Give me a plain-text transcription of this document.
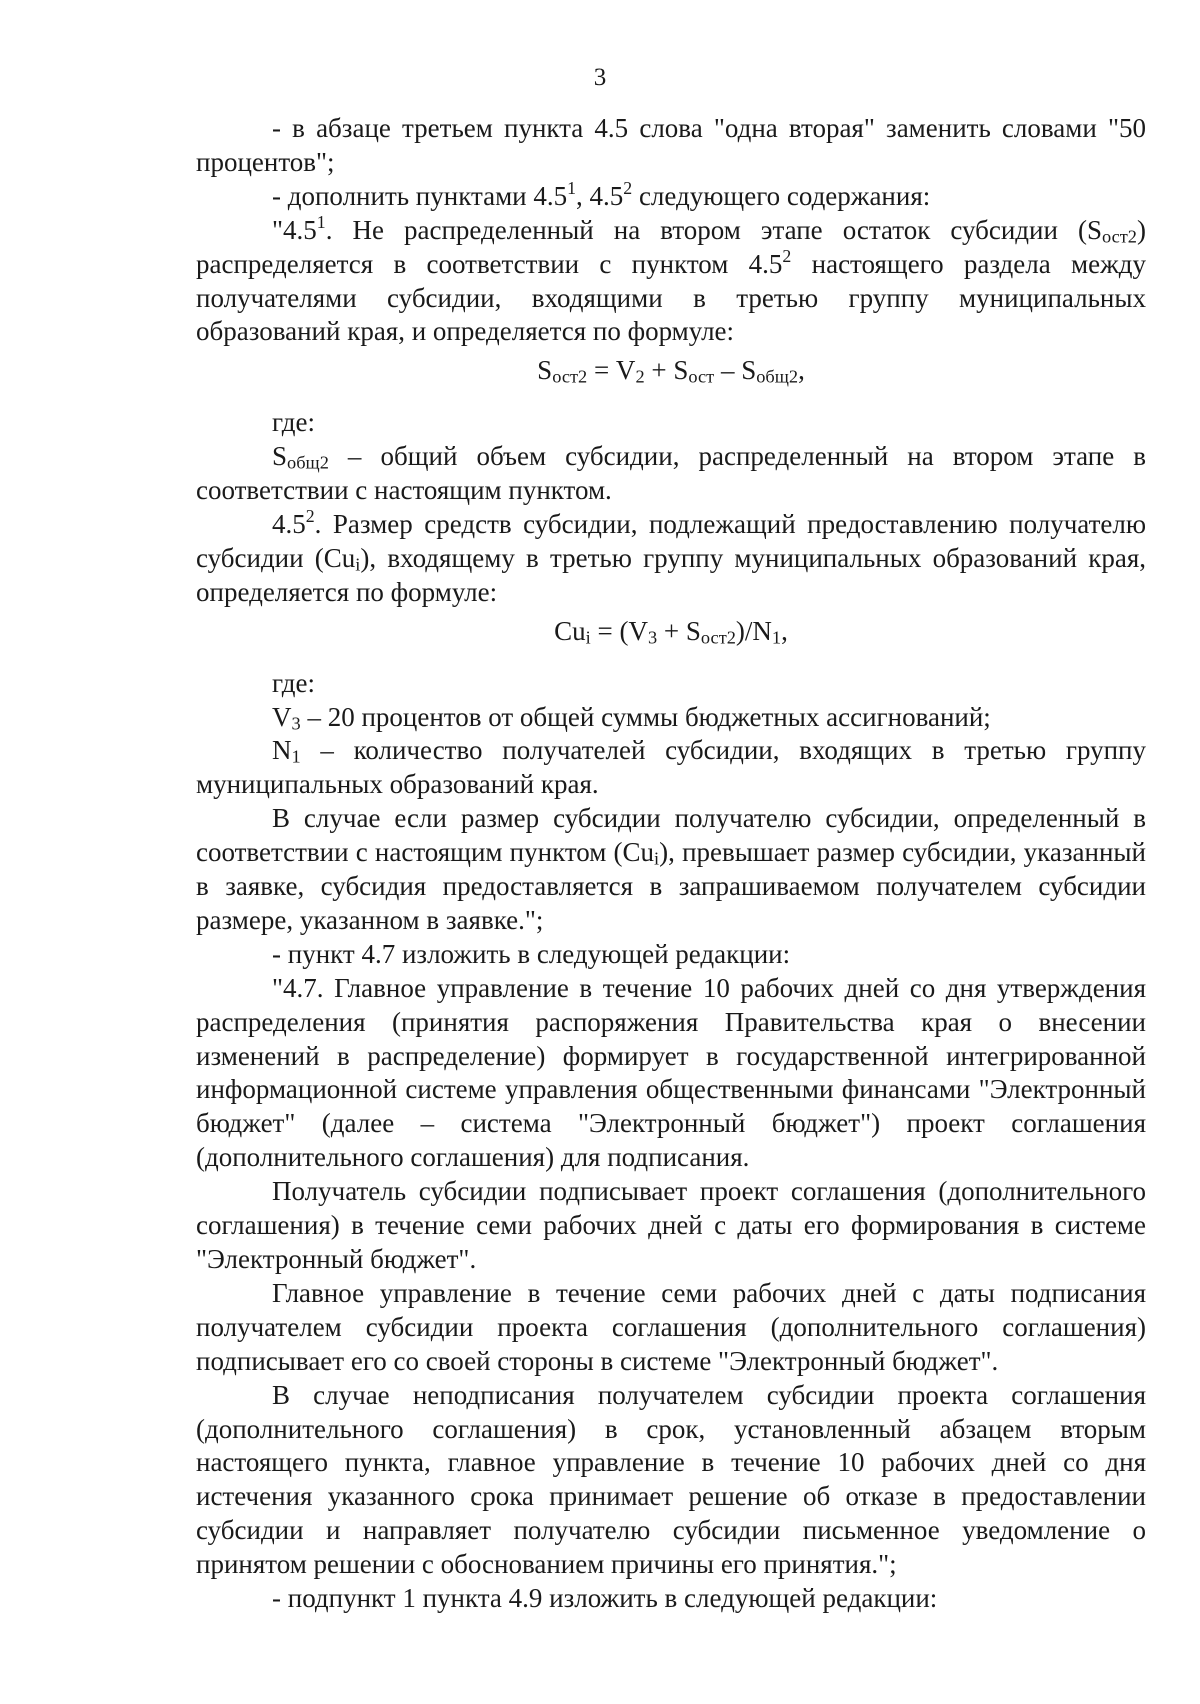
3

- в абзаце третьем пункта 4.5 слова "одна вторая" заменить словами "50 процентов";

- дополнить пунктами $4.5^1$, $4.5^2$ следующего содержания:

"$4.5^1$. Не распределенный на втором этапе остаток субсидии $(S_{ост2})$ распределяется в соответствии с пунктом $4.5^2$ настоящего раздела между получателями субсидии, входящими в третью группу муниципальных образований края, и определяется по формуле:

$S_{ост2} = V_2 + S_{ост} - S_{общ2}$,

где:

$S_{общ2}$ – общий объем субсидии, распределенный на втором этапе в соответствии с настоящим пунктом.

$4.5^2$. Размер средств субсидии, подлежащий предоставлению получателю субсидии $(Cu_i)$, входящему в третью группу муниципальных образований края, определяется по формуле:

$Cu_i = (V_3 + S_{ост2})/N_1$,

где:

$V_3 - 20$ процентов от общей суммы бюджетных ассигнований;

$N_1$ – количество получателей субсидии, входящих в третью группу муниципальных образований края.

В случае если размер субсидии получателю субсидии, определенный в соответствии с настоящим пунктом $(Cu_i)$, превышает размер субсидии, указанный в заявке, субсидия предоставляется в запрашиваемом получателем субсидии размере, указанном в заявке.";

- пункт 4.7 изложить в следующей редакции:

"4.7. Главное управление в течение 10 рабочих дней со дня утверждения распределения (принятия распоряжения Правительства края о внесении изменений в распределение) формирует в государственной интегрированной информационной системе управления общественными финансами "Электронный бюджет" (далее – система "Электронный бюджет") проект соглашения (дополнительного соглашения) для подписания.

Получатель субсидии подписывает проект соглашения (дополнительного соглашения) в течение семи рабочих дней с даты его формирования в системе "Электронный бюджет".

Главное управление в течение семи рабочих дней с даты подписания получателем субсидии проекта соглашения (дополнительного соглашения) подписывает его со своей стороны в системе "Электронный бюджет".

В случае неподписания получателем субсидии проекта соглашения (дополнительного соглашения) в срок, установленный абзацем вторым настоящего пункта, главное управление в течение 10 рабочих дней со дня истечения указанного срока принимает решение об отказе в предоставлении субсидии и направляет получателю субсидии письменное уведомление о принятом решении с обоснованием причины его принятия.";

- подпункт 1 пункта 4.9 изложить в следующей редакции:
